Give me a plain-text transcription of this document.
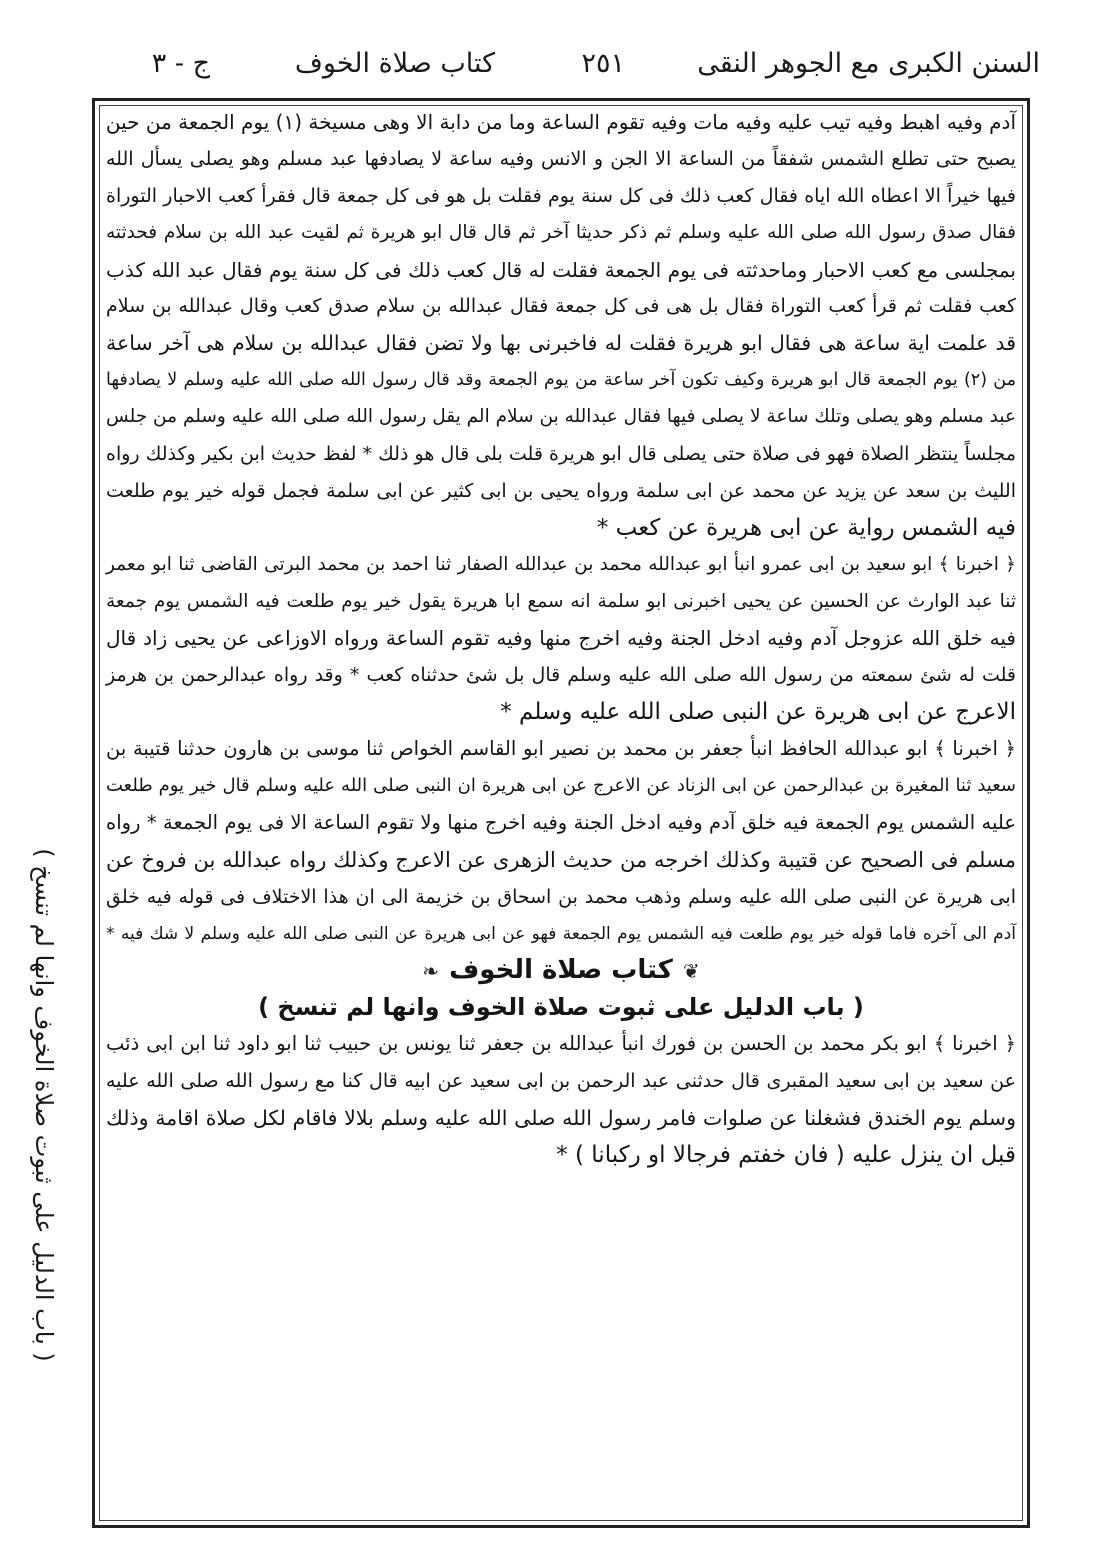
السنن الكبرى مع الجوهر النقى
٢٥١
كتاب صلاة الخوف
ج - ٣
آدم وفيه اهبط وفيه تيب عليه وفيه مات وفيه تقوم الساعة وما من دابة الا وهى مسيخة (١) يوم الجمعة من حين
يصبح حتى تطلع الشمس شفقاً من الساعة الا الجن و الانس وفيه ساعة لا يصادفها عبد مسلم وهو يصلى يسأل الله
فيها خيراً الا اعطاه الله اياه فقال كعب ذلك فى كل سنة يوم فقلت بل هو فى كل جمعة قال فقرأ كعب الاحبار التوراة
فقال صدق رسول الله صلى الله عليه وسلم ثم ذكر حديثا آخر ثم قال قال ابو هريرة ثم لقيت عبد الله بن سلام فحدثته
بمجلسى مع كعب الاحبار وماحدثته فى يوم الجمعة فقلت له قال كعب ذلك فى كل سنة يوم فقال عبد الله كذب
كعب فقلت ثم قرأ كعب التوراة فقال بل هى فى كل جمعة فقال عبدالله بن سلام صدق كعب وقال عبدالله بن سلام
قد علمت اية ساعة هى فقال ابو هريرة فقلت له فاخبرنى بها ولا تضن فقال عبدالله بن سلام هى آخر ساعة
من (٢) يوم الجمعة قال ابو هريرة وكيف تكون آخر ساعة من يوم الجمعة وقد قال رسول الله صلى الله عليه وسلم لا يصادفها
عبد مسلم وهو يصلى وتلك ساعة لا يصلى فيها فقال عبدالله بن سلام الم يقل رسول الله صلى الله عليه وسلم من جلس
مجلساً ينتظر الصلاة فهو فى صلاة حتى يصلى قال ابو هريرة قلت بلى قال هو ذلك * لفظ حديث ابن بكير وكذلك رواه
الليث بن سعد عن يزيد عن محمد عن ابى سلمة ورواه يحيى بن ابى كثير عن ابى سلمة فجمل قوله خير يوم طلعت
فيه الشمس رواية عن ابى هريرة عن كعب *
﴿ اخبرنا ﴾ ابو سعيد بن ابى عمرو انبأ ابو عبدالله محمد بن عبدالله الصفار ثنا احمد بن محمد البرتى القاضى ثنا ابو معمر
ثنا عبد الوارث عن الحسين عن يحيى اخبرنى ابو سلمة انه سمع ابا هريرة يقول خير يوم طلعت فيه الشمس يوم جمعة
فيه خلق الله عزوجل آدم وفيه ادخل الجنة وفيه اخرج منها وفيه تقوم الساعة ورواه الاوزاعى عن يحيى زاد قال
قلت له شئ سمعته من رسول الله صلى الله عليه وسلم قال بل شئ حدثناه كعب * وقد رواه عبدالرحمن بن هرمز
الاعرج عن ابى هريرة عن النبى صلى الله عليه وسلم *
﴿ اخبرنا ﴾ ابو عبدالله الحافظ انبأ جعفر بن محمد بن نصير ابو القاسم الخواص ثنا موسى بن هارون حدثنا قتيبة بن
سعيد ثنا المغيرة بن عبدالرحمن عن ابى الزناد عن الاعرج عن ابى هريرة ان النبى صلى الله عليه وسلم قال خير يوم طلعت
عليه الشمس يوم الجمعة فيه خلق آدم وفيه ادخل الجنة وفيه اخرج منها ولا تقوم الساعة الا فى يوم الجمعة * رواه
مسلم فى الصحيح عن قتيبة وكذلك اخرجه من حديث الزهرى عن الاعرج وكذلك رواه عبدالله بن فروخ عن
ابى هريرة عن النبى صلى الله عليه وسلم وذهب محمد بن اسحاق بن خزيمة الى ان هذا الاختلاف فى قوله فيه خلق
آدم الى آخره فاما قوله خير يوم طلعت فيه الشمس يوم الجمعة فهو عن ابى هريرة عن النبى صلى الله عليه وسلم لا شك فيه *
❦كتاب صلاة الخوف❧
( باب الدليل على ثبوت صلاة الخوف وانها لم تنسخ )
﴿ اخبرنا ﴾ ابو بكر محمد بن الحسن بن فورك انبأ عبدالله بن جعفر ثنا يونس بن حبيب ثنا ابو داود ثنا ابن ابى ذئب
عن سعيد بن ابى سعيد المقبرى قال حدثنى عبد الرحمن بن ابى سعيد عن ابيه قال كنا مع رسول الله صلى الله عليه
وسلم يوم الخندق فشغلنا عن صلوات فامر رسول الله صلى الله عليه وسلم بلالا فاقام لكل صلاة اقامة وذلك
قبل ان ينزل عليه ( فان خفتم فرجالا او ركبانا ) *
( باب الدليل على ثبوت صلاة الخوف وانها لم تنسخ )
